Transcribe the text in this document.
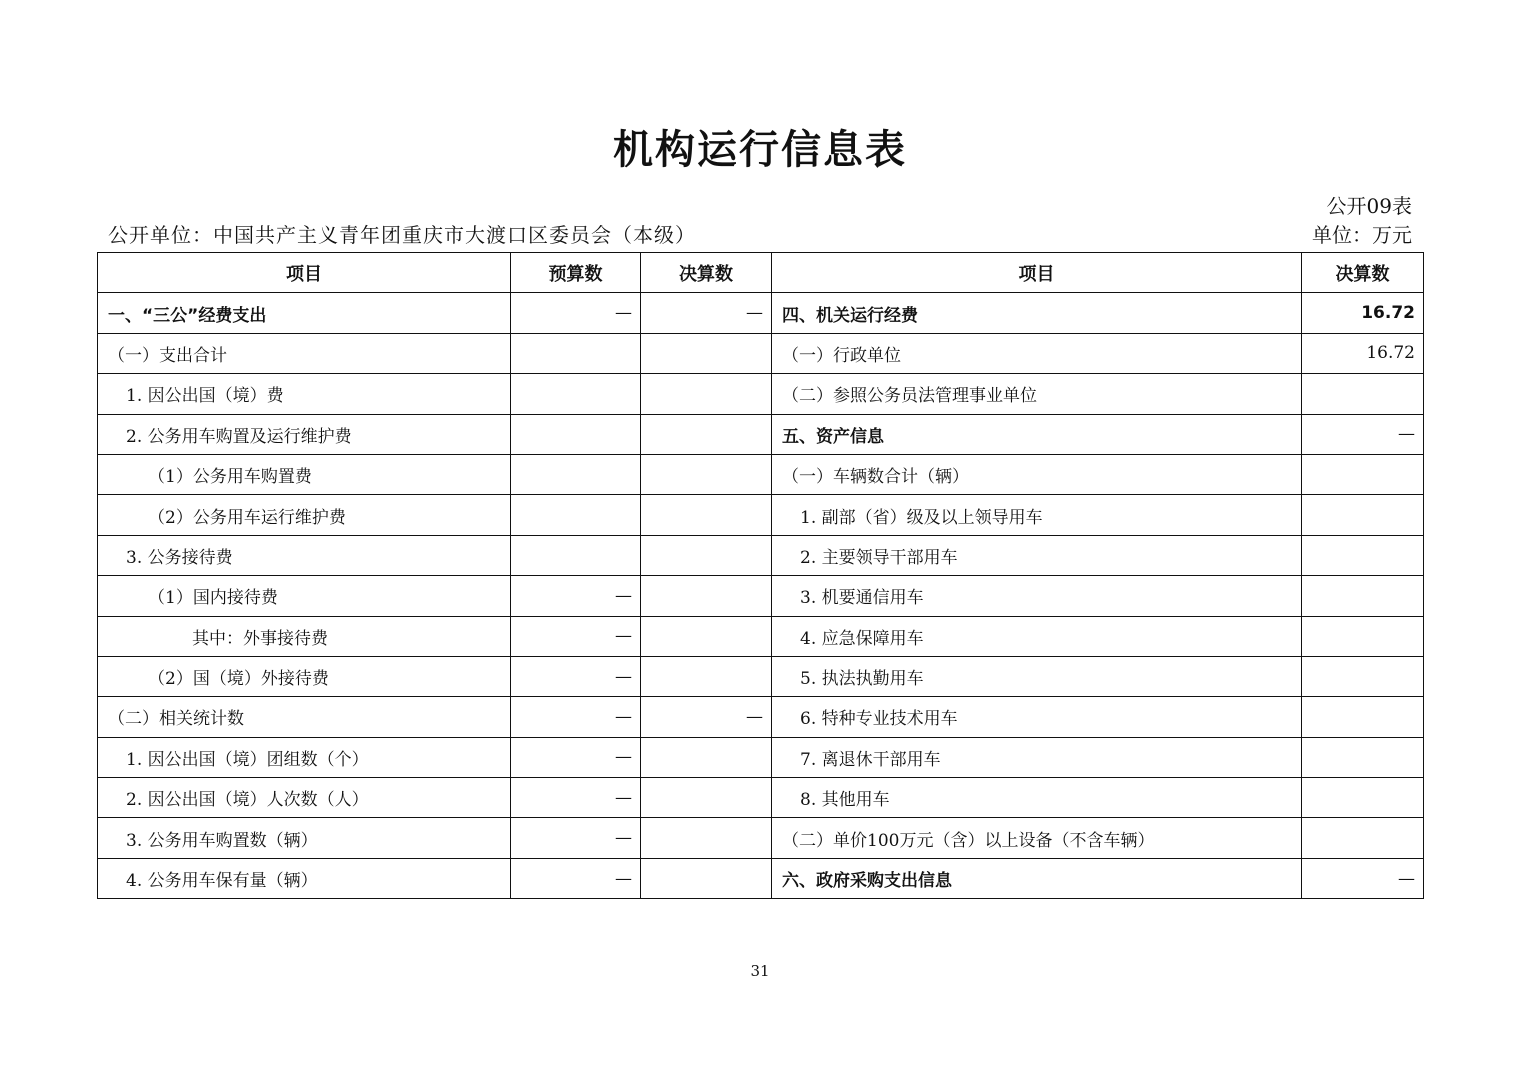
机构运行信息表
公开09表
公开单位：中国共产主义青年团重庆市大渡口区委员会（本级）	单位：万元
项目	预算数	决算数	项目	决算数
一、“三公”经费支出	—	—	四、机关运行经费	16.72
（一）支出合计			（一）行政单位	16.72
1. 因公出国（境）费			（二）参照公务员法管理事业单位	
2. 公务用车购置及运行维护费			五、资产信息	—
（1）公务用车购置费			（一）车辆数合计（辆）	
（2）公务用车运行维护费			1. 副部（省）级及以上领导用车	
3. 公务接待费			2. 主要领导干部用车	
（1）国内接待费	—		3. 机要通信用车	
其中：外事接待费	—		4. 应急保障用车	
（2）国（境）外接待费	—		5. 执法执勤用车	
（二）相关统计数	—	—	6. 特种专业技术用车	
1. 因公出国（境）团组数（个）	—		7. 离退休干部用车	
2. 因公出国（境）人次数（人）	—		8. 其他用车	
3. 公务用车购置数（辆）	—		（二）单价100万元（含）以上设备（不含车辆）	
4. 公务用车保有量（辆）	—		六、政府采购支出信息	—
31
